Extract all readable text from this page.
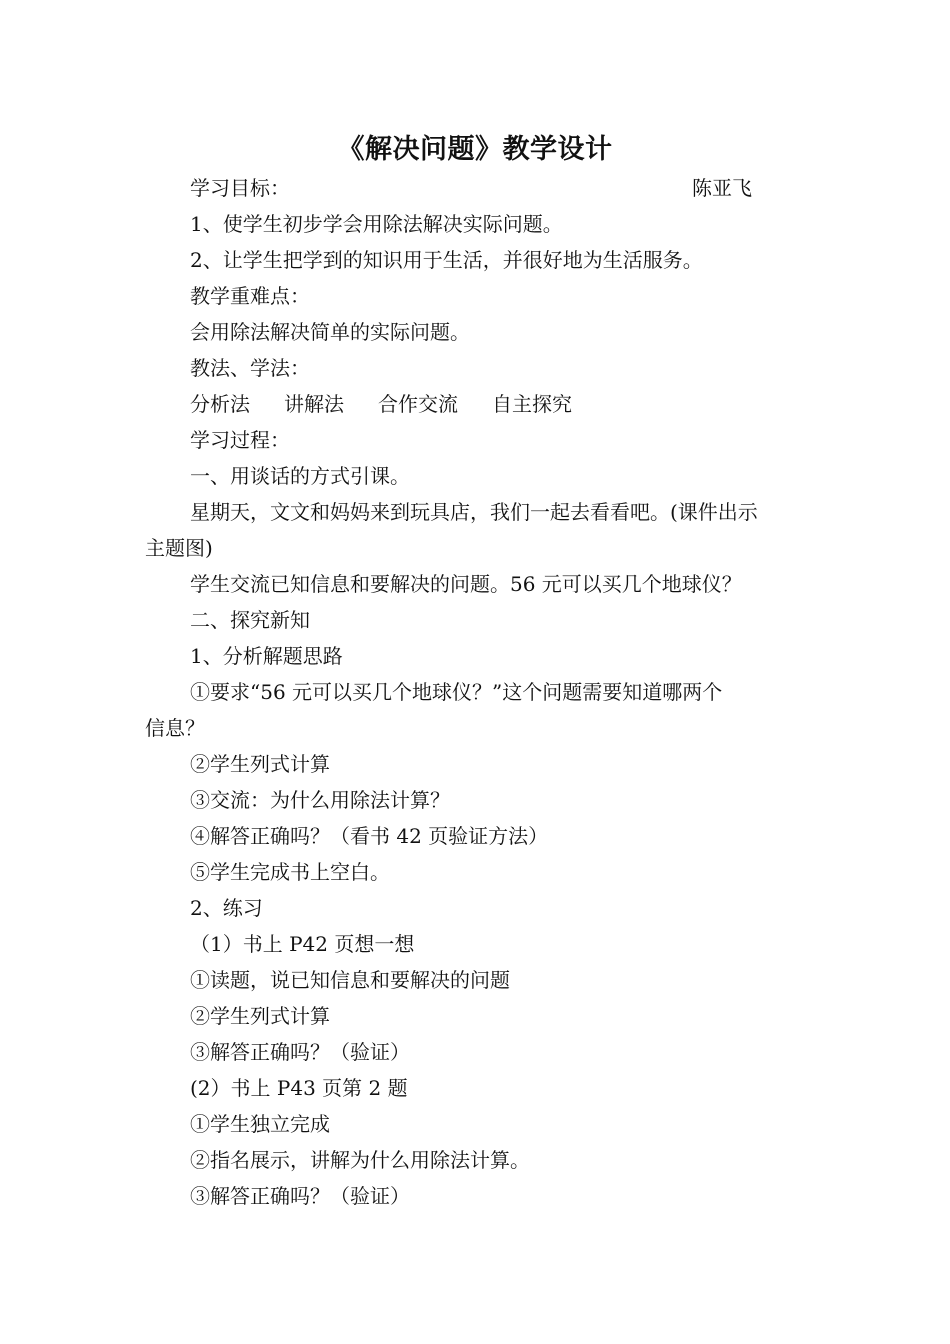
《解决问题》教学设计
学习目标：	陈亚飞
1、使学生初步学会用除法解决实际问题。
2、让学生把学到的知识用于生活，并很好地为生活服务。
教学重难点：
会用除法解决简单的实际问题。
教法、学法：
分析法 讲解法 合作交流 自主探究
学习过程：
一、用谈话的方式引课。
星期天，文文和妈妈来到玩具店，我们一起去看看吧。(课件出示
主题图)
学生交流已知信息和要解决的问题。56 元可以买几个地球仪？
二、探究新知
1、分析解题思路
①要求“56 元可以买几个地球仪？”这个问题需要知道哪两个
信息？
②学生列式计算
③交流：为什么用除法计算？
④解答正确吗？（看书 42 页验证方法）
⑤学生完成书上空白。
2、练习
（1）书上 P42 页想一想
①读题，说已知信息和要解决的问题
②学生列式计算
③解答正确吗？（验证）
(2）书上 P43 页第 2 题
①学生独立完成
②指名展示，讲解为什么用除法计算。
③解答正确吗？（验证）
